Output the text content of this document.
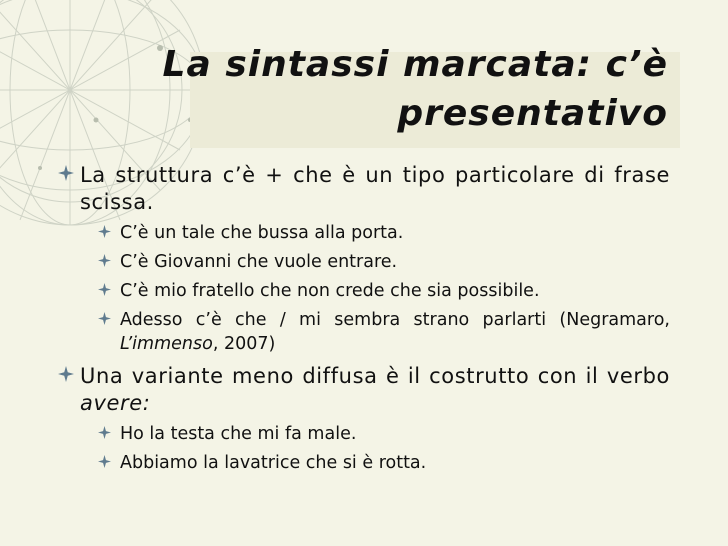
La sintassi marcata: c’è
presentativo
La struttura c’è + che è un tipo particolare di frase scissa.
C’è un tale che bussa alla porta.
C’è Giovanni che vuole entrare.
C’è mio fratello che non crede che sia possibile.
Adesso c’è che / mi sembra strano parlarti (Negramaro, L’immenso, 2007)
Una variante meno diffusa è il costrutto con il verbo avere:
Ho la testa che mi fa male.
Abbiamo la lavatrice che si è rotta.
